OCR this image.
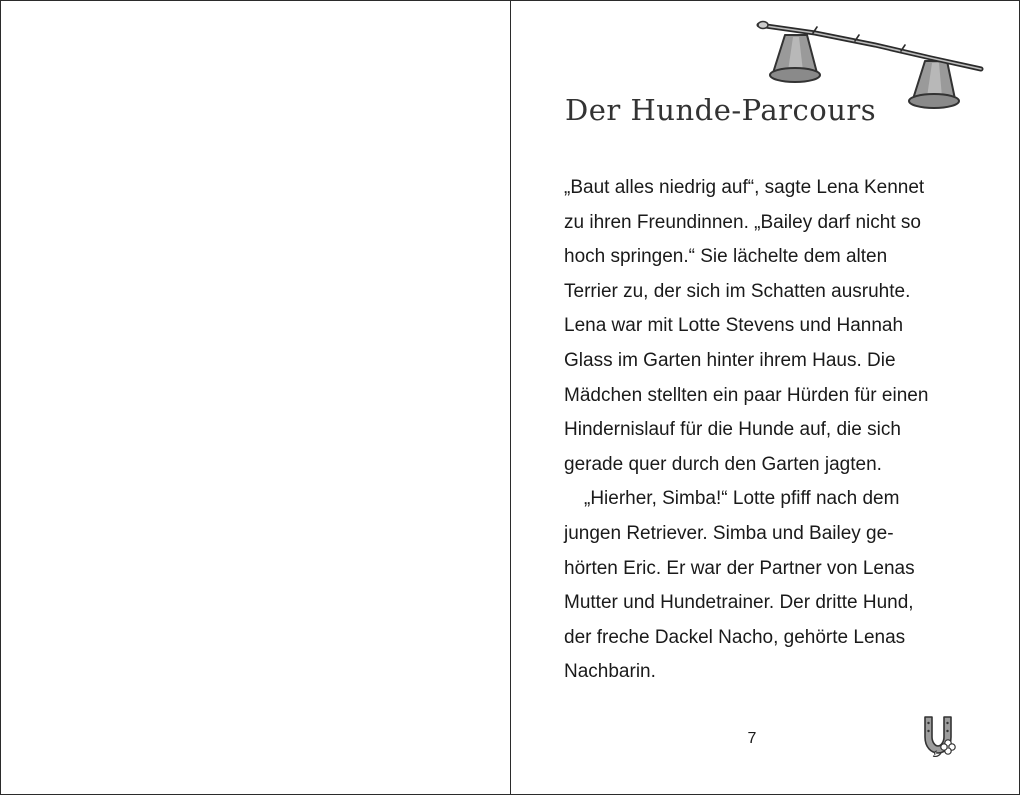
Der Hunde-Parcours
„Baut alles niedrig auf“, sagte Lena Kennet
zu ihren Freundinnen. „Bailey darf nicht so
hoch springen.“ Sie lächelte dem alten
Terrier zu, der sich im Schatten ausruhte.
Lena war mit Lotte Stevens und Hannah
Glass im Garten hinter ihrem Haus. Die
Mädchen stellten ein paar Hürden für einen
Hindernislauf für die Hunde auf, die sich
gerade quer durch den Garten jagten.
„Hierher, Simba!“ Lotte pfiff nach dem
jungen Retriever. Simba und Bailey ge-
hörten Eric. Er war der Partner von Lenas
Mutter und Hundetrainer. Der dritte Hund,
der freche Dackel Nacho, gehörte Lenas
Nachbarin.
7
